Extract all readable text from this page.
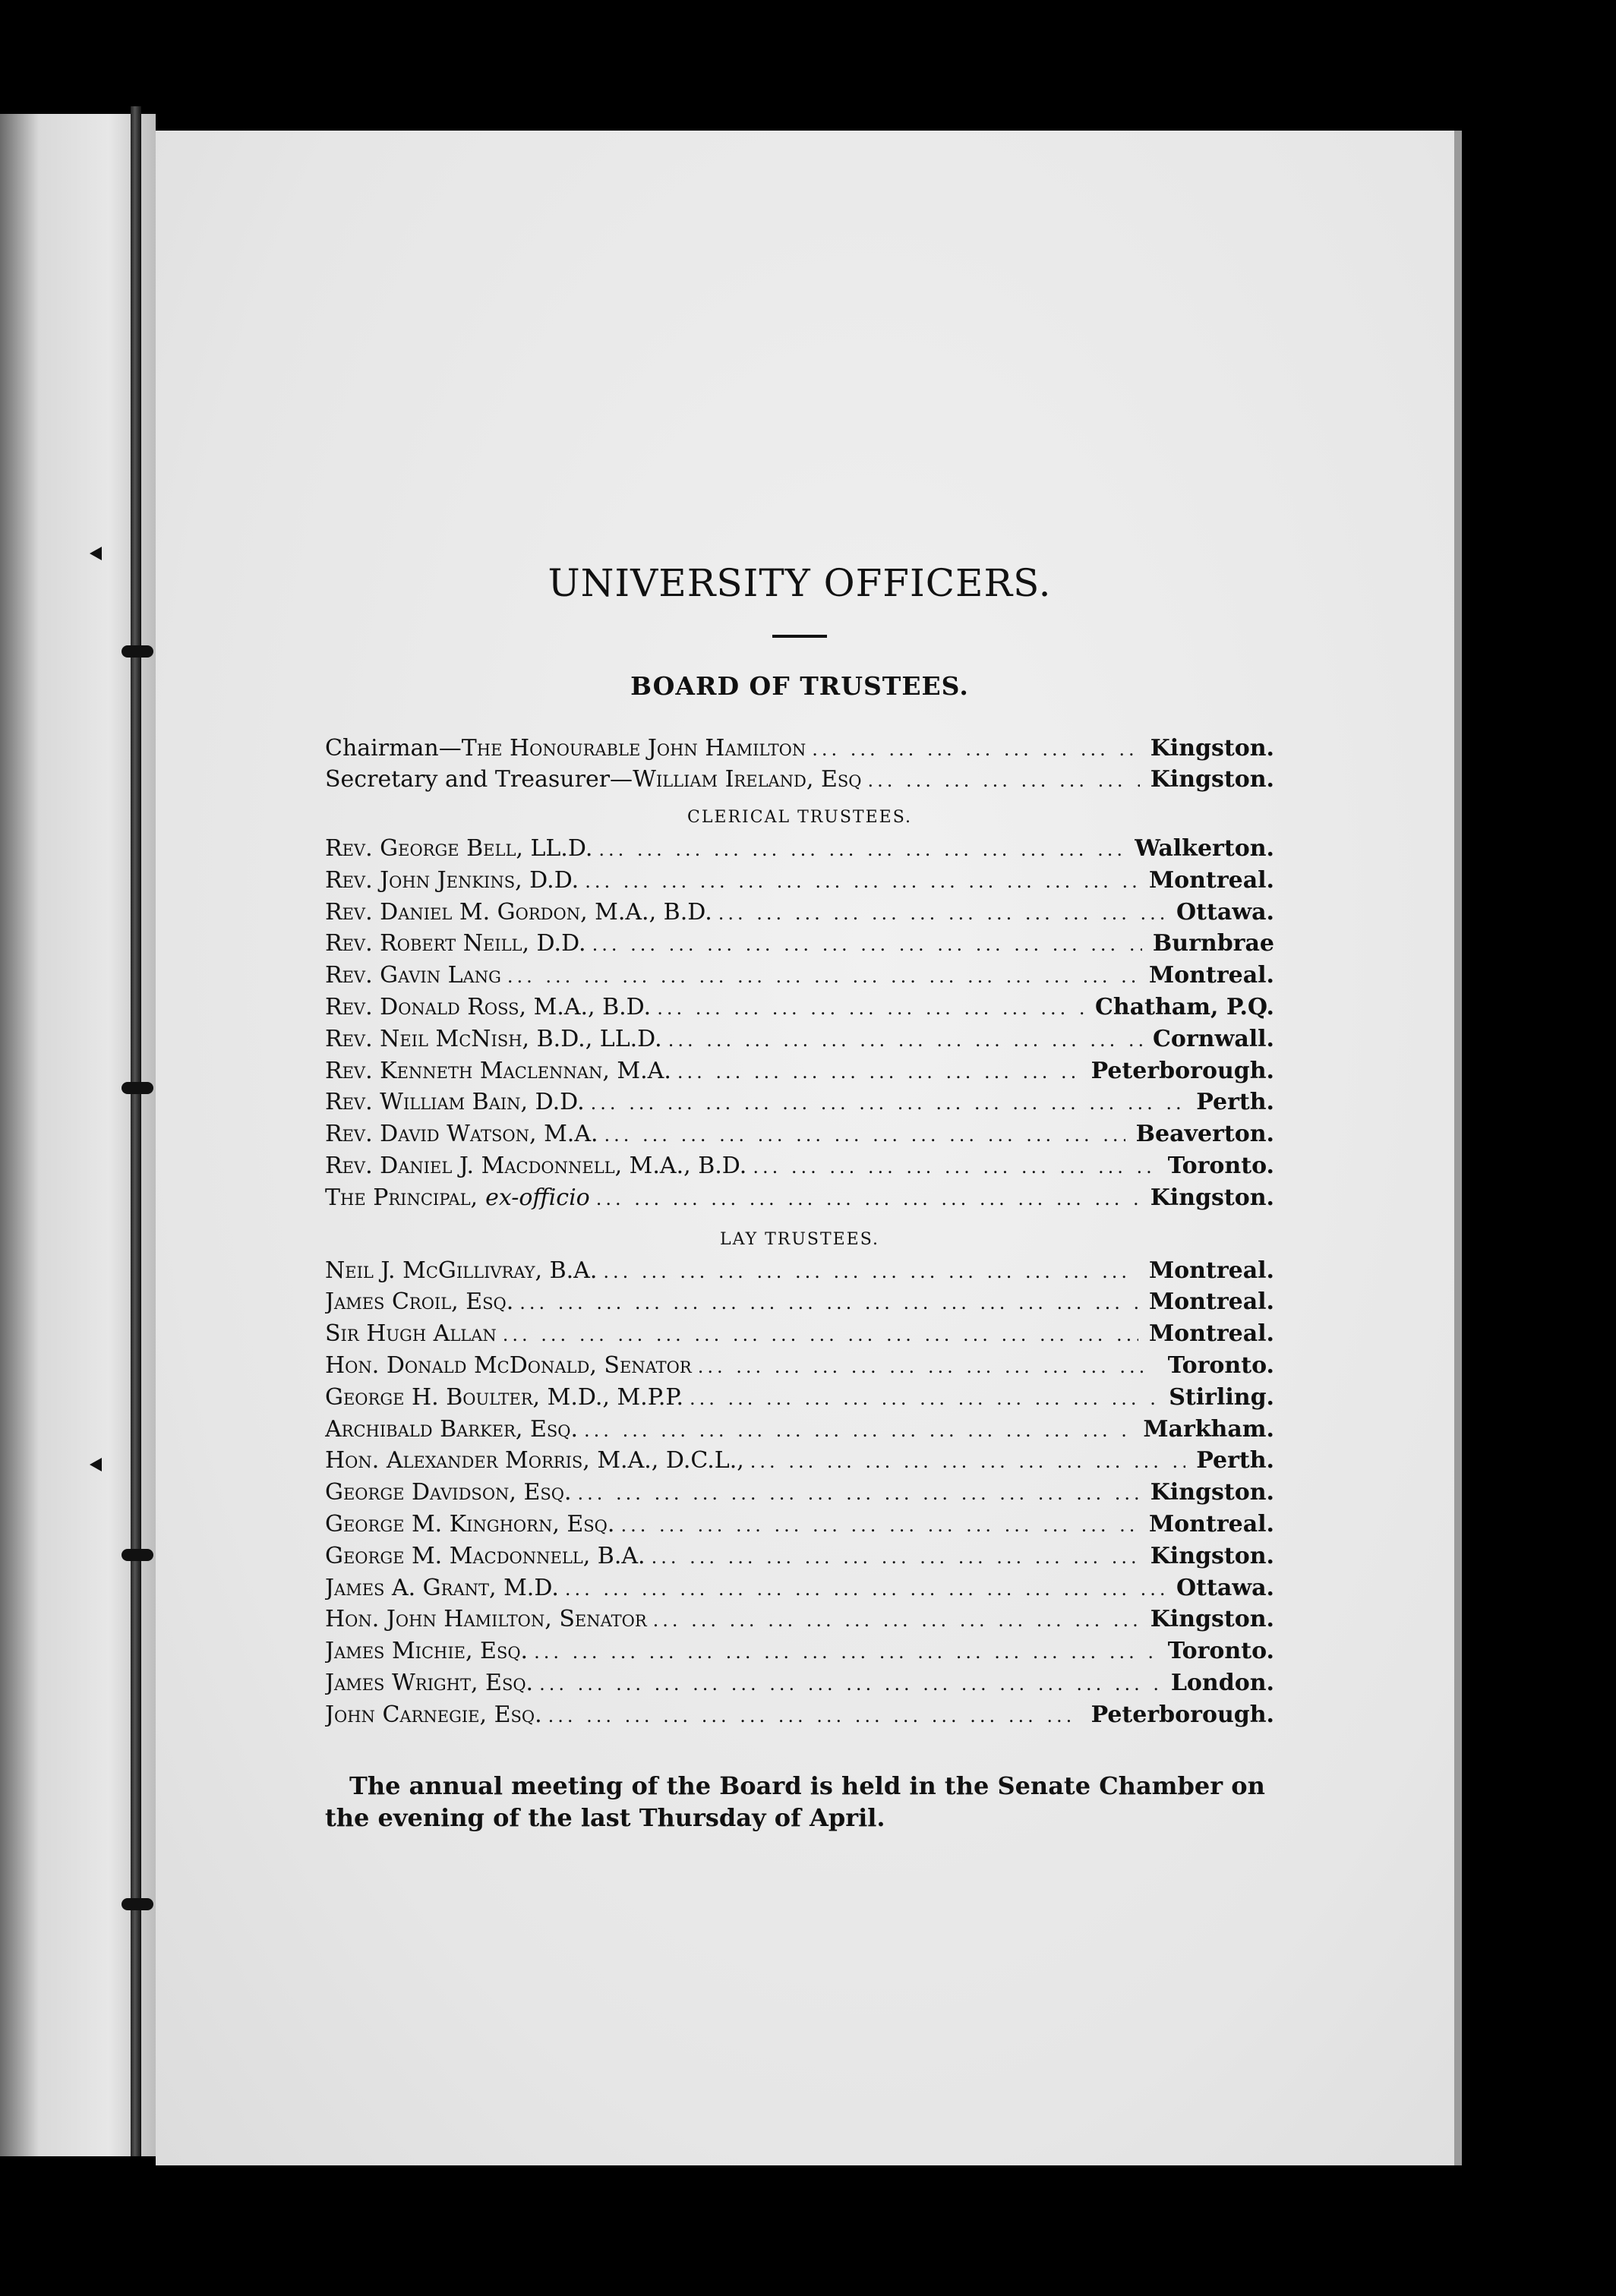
UNIVERSITY OFFICERS.
BOARD OF TRUSTEES.
Chairman—The Honourable John Hamilton ... .	Kingston.
Secretary and Treasurer—William Ireland, Esq ... .	Kingston.
CLERICAL TRUSTEES.
Rev. George Bell, LL.D. ... .	Walkerton.
Rev. John Jenkins, D.D. ... .	Montreal.
Rev. Daniel M. Gordon, M.A., B.D. ... .	Ottawa.
Rev. Robert Neill, D.D. ... .	Burnbrae
Rev. Gavin Lang ... .	Montreal.
Rev. Donald Ross, M.A., B.D. ... .	Chatham, P.Q.
Rev. Neil McNish, B.D., LL.D. ... .	Cornwall.
Rev. Kenneth Maclennan, M.A. ... .	Peterborough.
Rev. William Bain, D.D. ... .	Perth.
Rev. David Watson, M.A. ... .	Beaverton.
Rev. Daniel J. Macdonnell, M.A., B.D. ... .	Toronto.
The Principal, ex-officio ... .	Kingston.
LAY TRUSTEES.
Neil J. McGillivray, B.A. ... .	Montreal.
James Croil, Esq. ... .	Montreal.
Sir Hugh Allan ... .	Montreal.
Hon. Donald McDonald, Senator ... .	Toronto.
George H. Boulter, M.D., M.P.P. ... .	Stirling.
Archibald Barker, Esq. ... .	Markham.
Hon. Alexander Morris, M.A., D.C.L., ... .	Perth.
George Davidson, Esq. ... .	Kingston.
George M. Kinghorn, Esq. ... .	Montreal.
George M. Macdonnell, B.A. ... .	Kingston.
James A. Grant, M.D. ... .	Ottawa.
Hon. John Hamilton, Senator ... .	Kingston.
James Michie, Esq. ... .	Toronto.
James Wright, Esq. ... .	London.
John Carnegie, Esq. ... .	Peterborough.

The annual meeting of the Board is held in the Senate Chamber on the evening of the last Thursday of April.
